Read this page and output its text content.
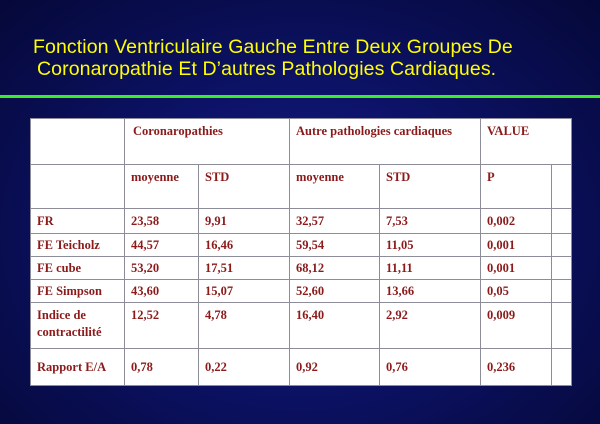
Fonction Ventriculaire Gauche Entre Deux Groupes De
Coronaropathie Et D’autres Pathologies Cardiaques.
	Coronaropathies		Autre pathologies cardiaques		VALUE	
	moyenne	STD	moyenne	STD	P	
FR	23,58	9,91	32,57	7,53	0,002	
FE Teicholz	44,57	16,46	59,54	11,05	0,001	
FE cube	53,20	17,51	68,12	11,11	0,001	
FE Simpson	43,60	15,07	52,60	13,66	0,05	
Indice de contractilité	12,52	4,78	16,40	2,92	0,009	
Rapport E/A	0,78	0,22	0,92	0,76	0,236	
